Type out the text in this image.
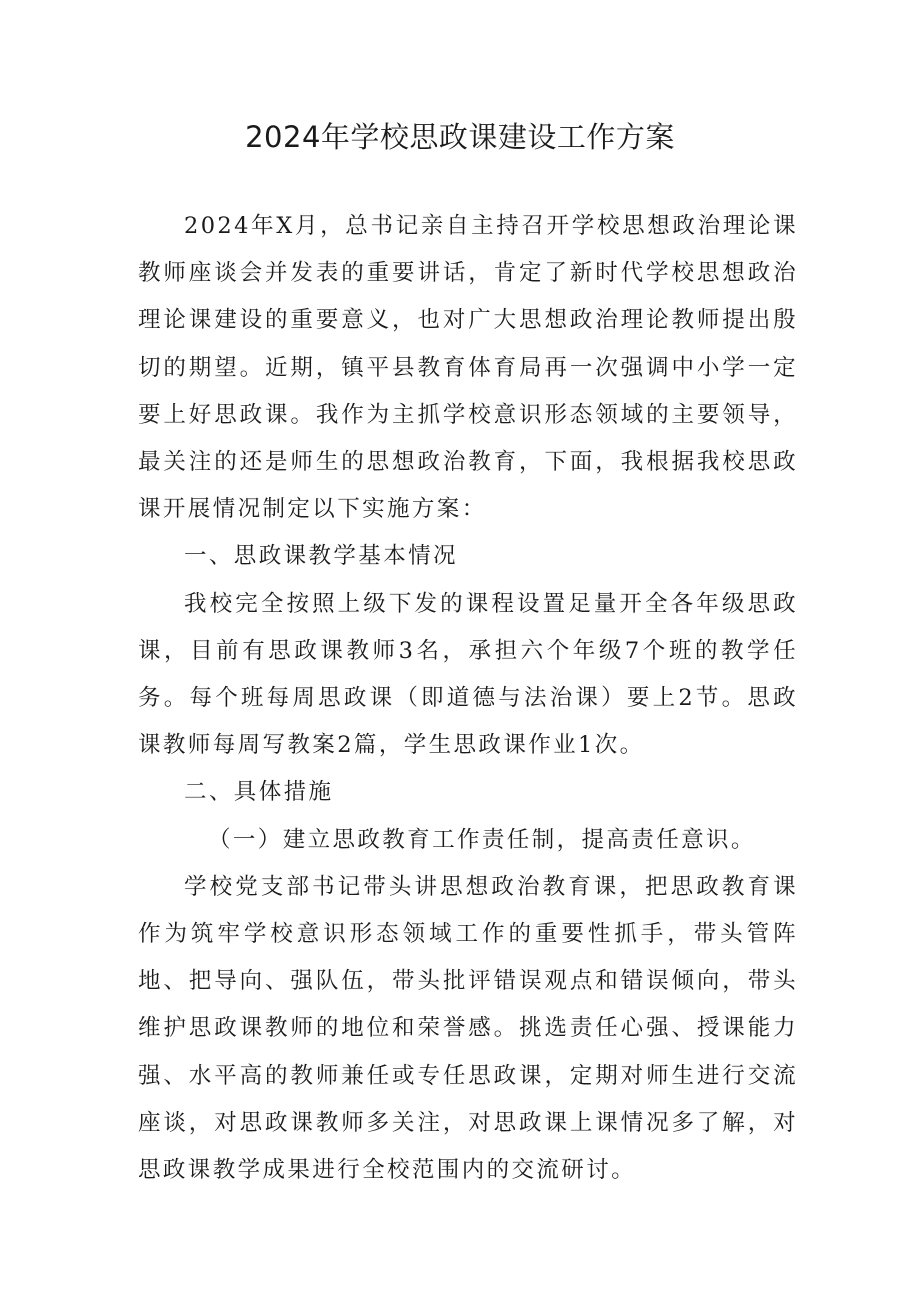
2024年学校思政课建设工作方案

2024年X月，总书记亲自主持召开学校思想政治理论课教师座谈会并发表的重要讲话，肯定了新时代学校思想政治理论课建设的重要意义，也对广大思想政治理论教师提出殷切的期望。近期，镇平县教育体育局再一次强调中小学一定要上好思政课。我作为主抓学校意识形态领域的主要领导，最关注的还是师生的思想政治教育，下面，我根据我校思政课开展情况制定以下实施方案：

一、思政课教学基本情况

我校完全按照上级下发的课程设置足量开全各年级思政课，目前有思政课教师3名，承担六个年级7个班的教学任务。每个班每周思政课（即道德与法治课）要上2节。思政课教师每周写教案2篇，学生思政课作业1次。

二、具体措施

（一）建立思政教育工作责任制，提高责任意识。

学校党支部书记带头讲思想政治教育课，把思政教育课作为筑牢学校意识形态领域工作的重要性抓手，带头管阵地、把导向、强队伍，带头批评错误观点和错误倾向，带头维护思政课教师的地位和荣誉感。挑选责任心强、授课能力强、水平高的教师兼任或专任思政课，定期对师生进行交流座谈，对思政课教师多关注，对思政课上课情况多了解，对思政课教学成果进行全校范围内的交流研讨。
